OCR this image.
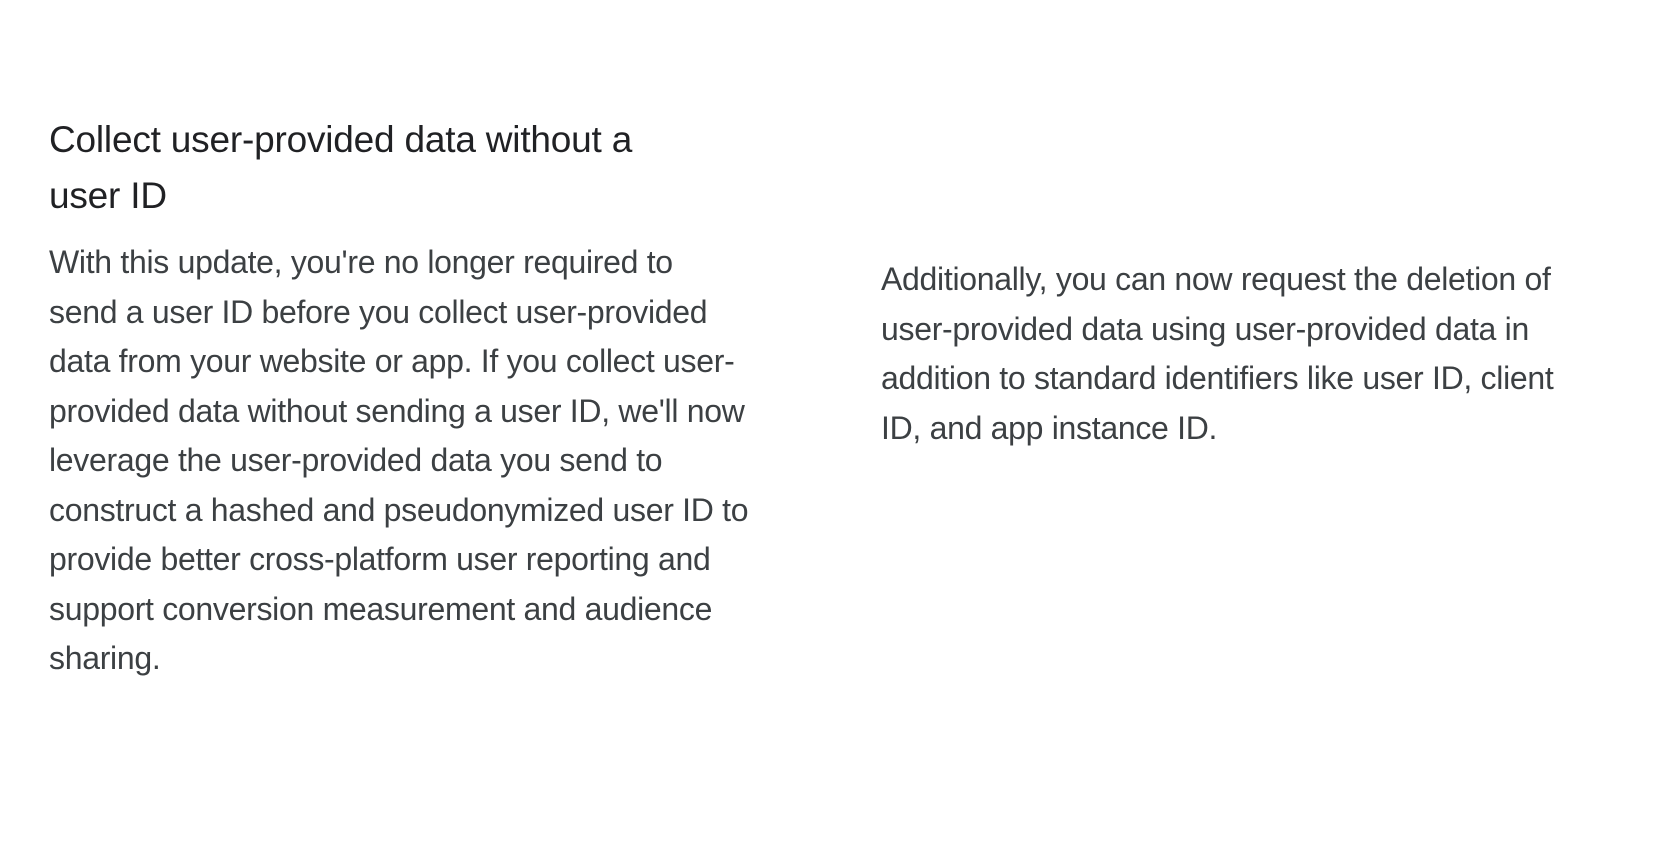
Collect user-provided data without a
user ID

With this update, you're no longer required to
send a user ID before you collect user-provided
data from your website or app. If you collect user-
provided data without sending a user ID, we'll now
leverage the user-provided data you send to
construct a hashed and pseudonymized user ID to
provide better cross-platform user reporting and
support conversion measurement and audience
sharing.

Additionally, you can now request the deletion of
user-provided data using user-provided data in
addition to standard identifiers like user ID, client
ID, and app instance ID.
